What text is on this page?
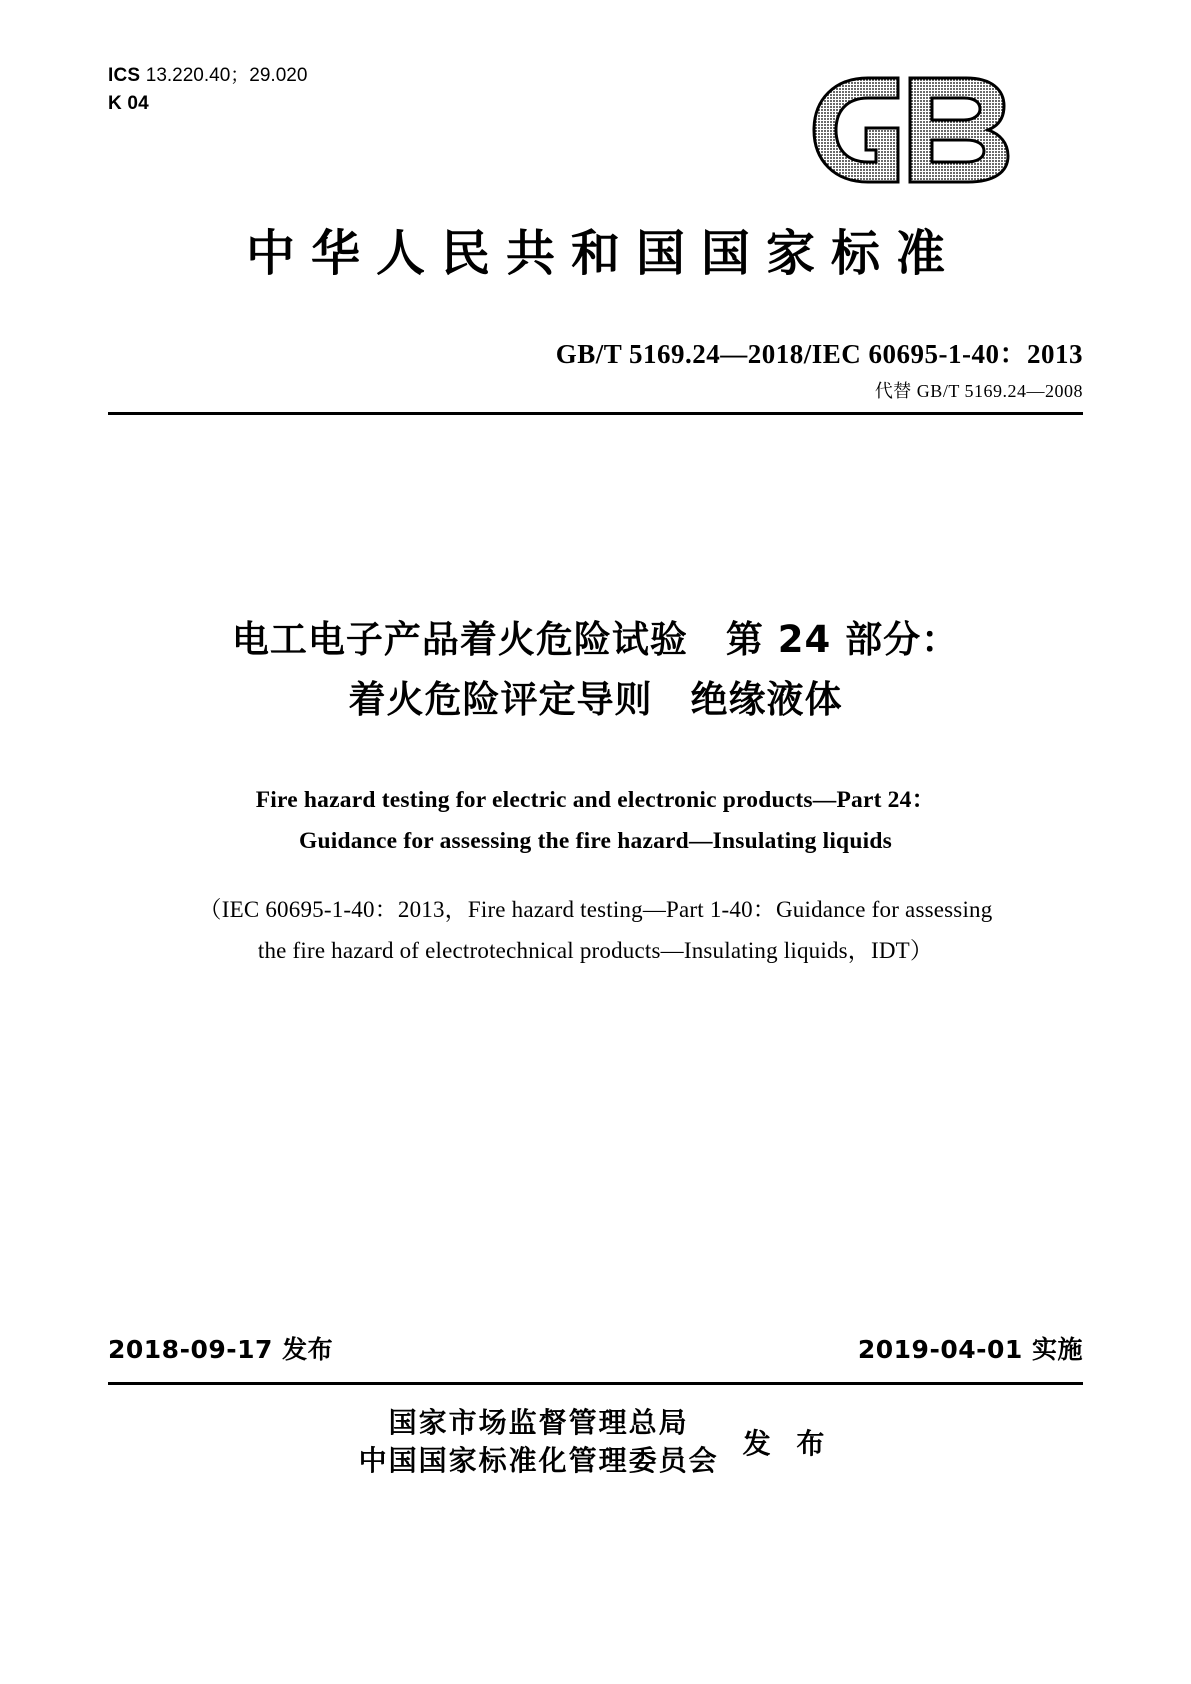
ICS 13.220.40；29.020
K 04
中华人民共和国国家标准
GB/T 5169.24—2018/IEC 60695-1-40：2013
代替 GB/T 5169.24—2008
电工电子产品着火危险试验　第 24 部分：
着火危险评定导则　绝缘液体
Fire hazard testing for electric and electronic products—Part 24：
Guidance for assessing the fire hazard—Insulating liquids
（IEC 60695-1-40：2013，Fire hazard testing—Part 1-40：Guidance for assessing
the fire hazard of electrotechnical products—Insulating liquids，IDT）
2018-09-17 发布	2019-04-01 实施
国家市场监督管理总局
中国国家标准化管理委员会
发 布
